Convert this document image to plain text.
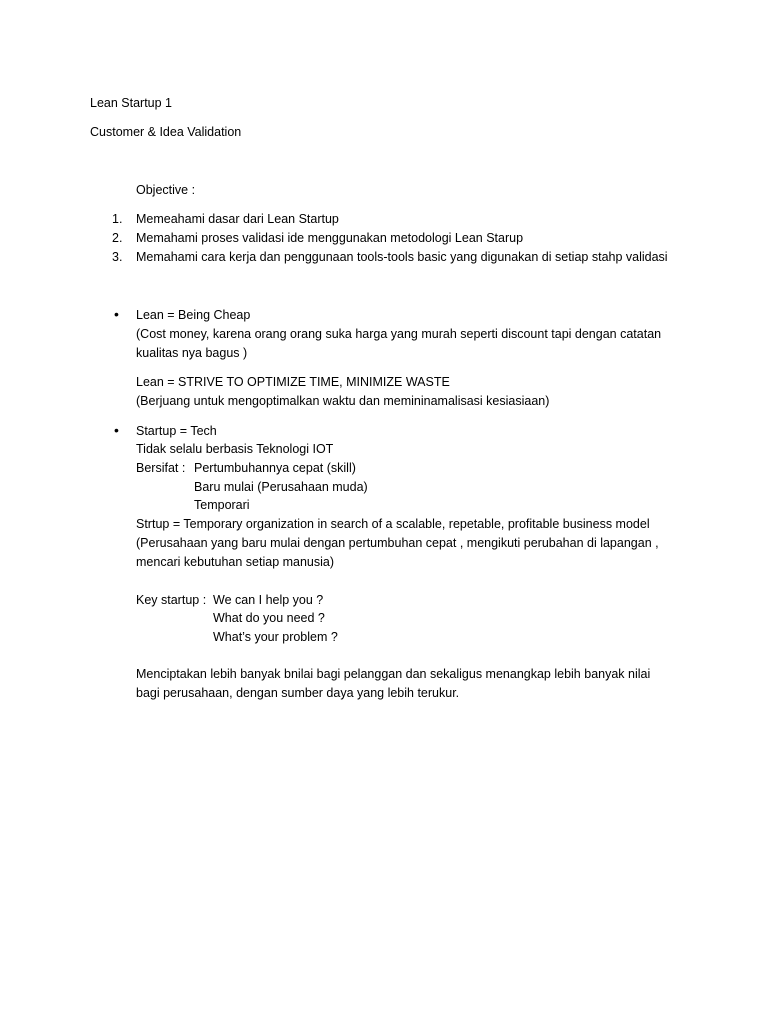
Lean Startup 1
Customer & Idea Validation
Objective :
1. Memeahami dasar dari Lean Startup
2. Memahami proses validasi ide menggunakan metodologi Lean Starup
3. Memahami cara kerja dan penggunaan tools-tools basic yang digunakan di setiap stahp validasi
• Lean = Being Cheap
(Cost money, karena orang orang suka harga yang murah seperti discount tapi dengan catatan
kualitas nya bagus )
Lean = STRIVE TO OPTIMIZE TIME, MINIMIZE WASTE
(Berjuang untuk mengoptimalkan waktu dan memininamalisasi kesiasiaan)
• Startup = Tech
Tidak selalu berbasis Teknologi IOT
Bersifat : Pertumbuhannya cepat (skill)
Baru mulai (Perusahaan muda)
Temporari
Strtup = Temporary organization in search of a scalable, repetable, profitable business model
(Perusahaan yang baru mulai dengan pertumbuhan cepat , mengikuti perubahan di lapangan ,
mencari kebutuhan setiap manusia)
Key startup : We can I help you ?
What do you need ?
What’s your problem ?
Menciptakan lebih banyak bnilai bagi pelanggan dan sekaligus menangkap lebih banyak nilai
bagi perusahaan, dengan sumber daya yang lebih terukur.
